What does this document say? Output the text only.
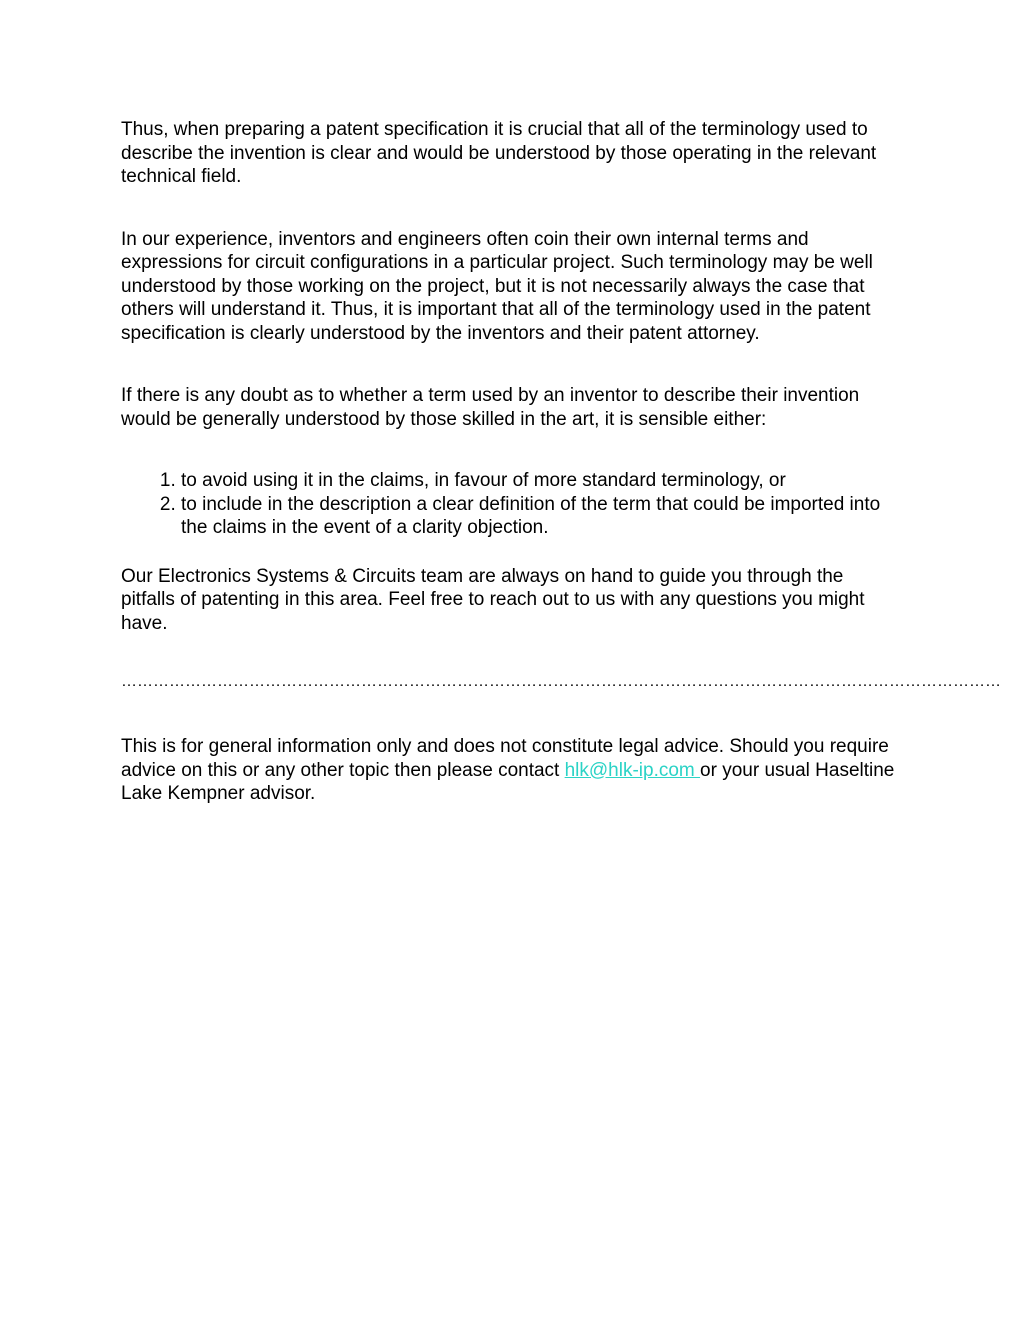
Thus, when preparing a patent specification it is crucial that all of the terminology used to describe the invention is clear and would be understood by those operating in the relevant technical field.

In our experience, inventors and engineers often coin their own internal terms and expressions for circuit configurations in a particular project. Such terminology may be well understood by those working on the project, but it is not necessarily always the case that others will understand it. Thus, it is important that all of the terminology used in the patent specification is clearly understood by the inventors and their patent attorney.

If there is any doubt as to whether a term used by an inventor to describe their invention would be generally understood by those skilled in the art, it is sensible either:

1. to avoid using it in the claims, in favour of more standard terminology, or
2. to include in the description a clear definition of the term that could be imported into the claims in the event of a clarity objection.

Our Electronics Systems & Circuits team are always on hand to guide you through the pitfalls of patenting in this area. Feel free to reach out to us with any questions you might have.

…………………………………………………………………………………………………………………………………………………

This is for general information only and does not constitute legal advice. Should you require advice on this or any other topic then please contact hlk@hlk-ip.com or your usual Haseltine Lake Kempner advisor.
